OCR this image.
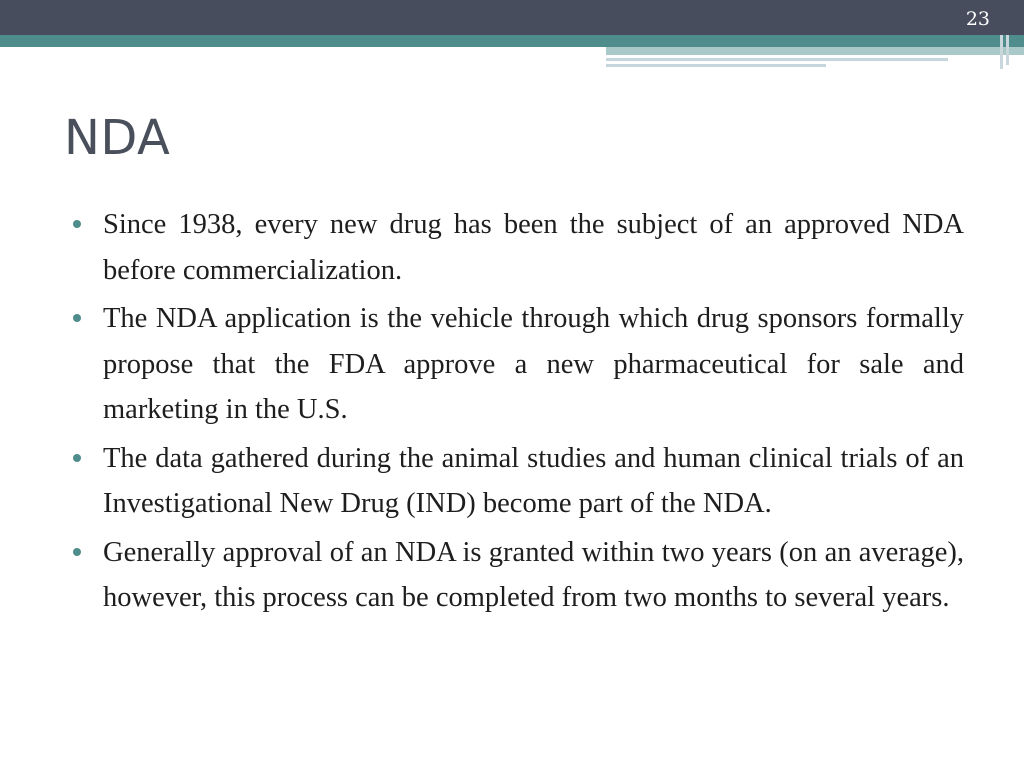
23
NDA
Since 1938, every new drug has been the subject of an approved NDA before commercialization.
The NDA application is the vehicle through which drug sponsors formally propose that the FDA approve a new pharmaceutical for sale and marketing in the U.S.
The data gathered during the animal studies and human clinical trials of an Investigational New Drug (IND) become part of the NDA.
Generally approval of an NDA is granted within two years (on an average), however, this process can be completed from two months to several years.
